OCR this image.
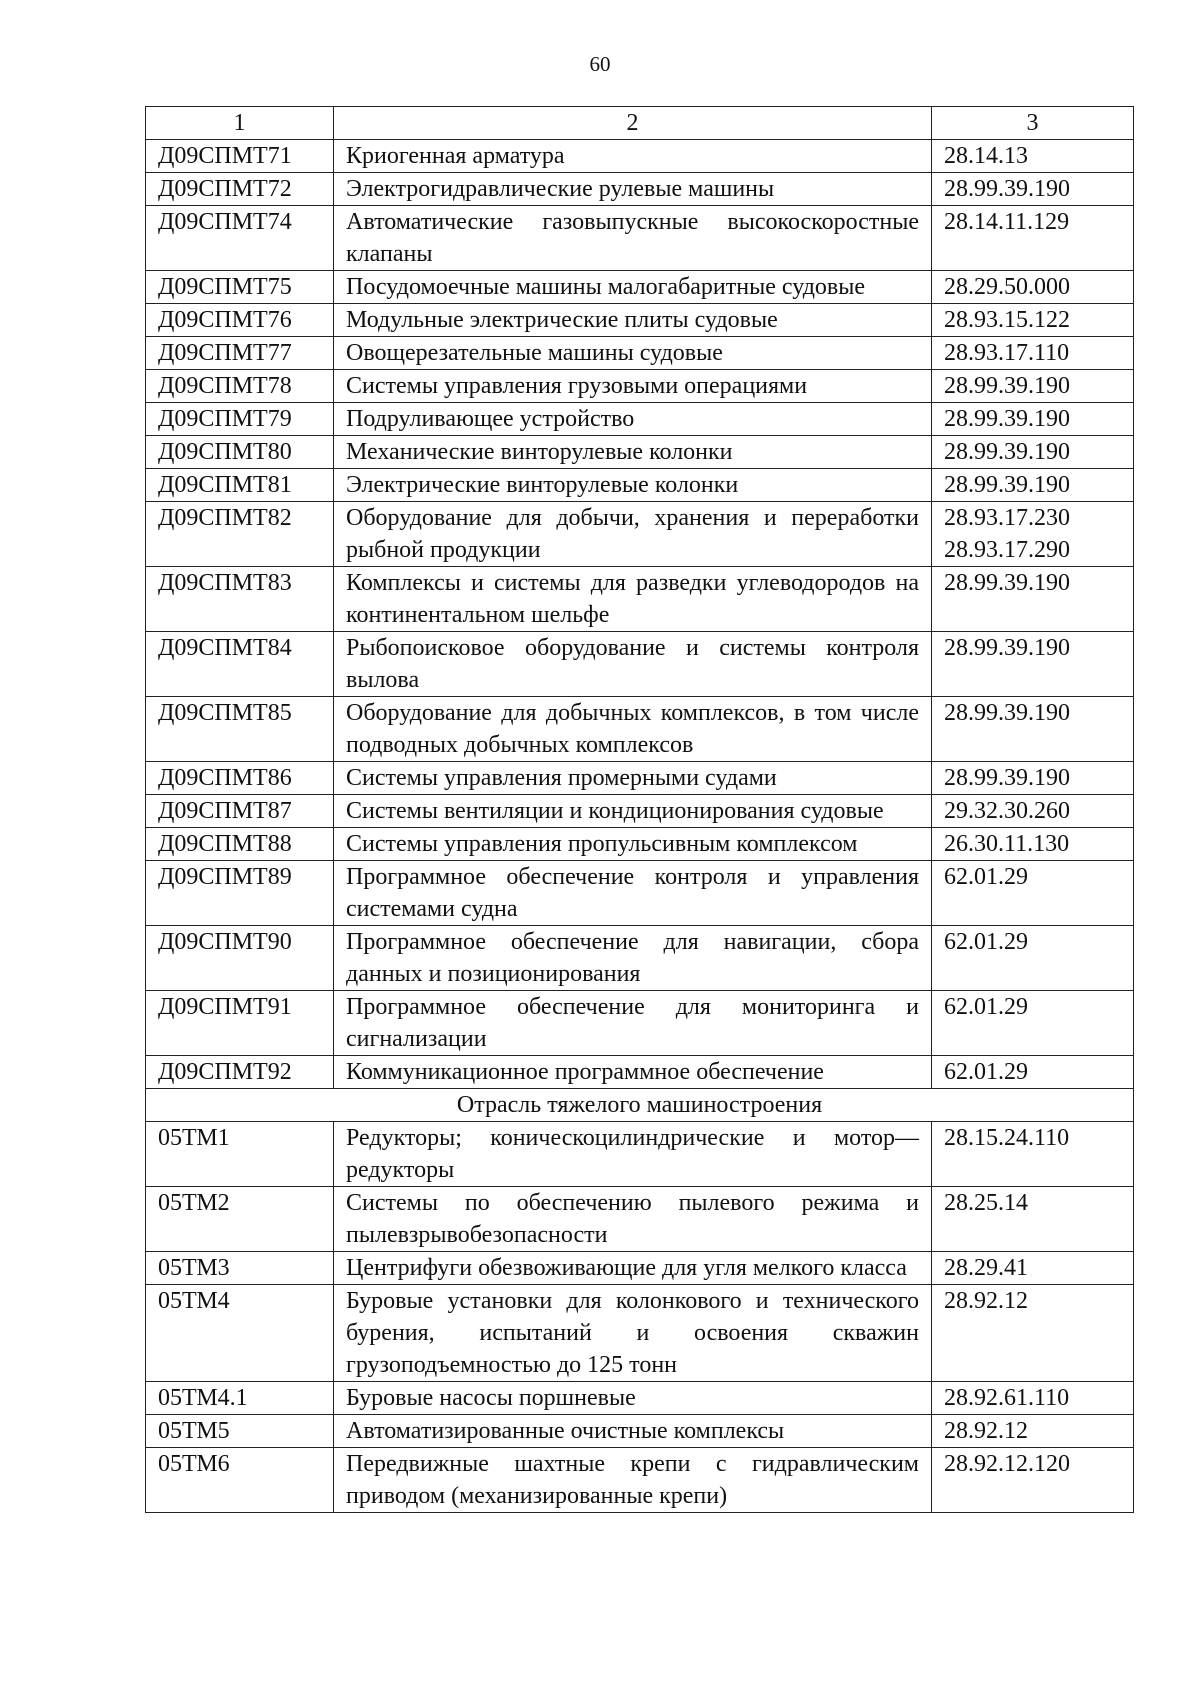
60
1	2	3
Д09СПМТ71	Криогенная арматура	28.14.13

Д09СПМТ72	Электрогидравлические рулевые машины	28.99.39.190

Д09СПМТ74	Автоматические газовыпускные высокоскоростные клапаны	28.14.11.129

Д09СПМТ75	Посудомоечные машины малогабаритные судовые	28.29.50.000

Д09СПМТ76	Модульные электрические плиты судовые	28.93.15.122

Д09СПМТ77	Овощерезательные машины судовые	28.93.17.110

Д09СПМТ78	Системы управления грузовыми операциями	28.99.39.190

Д09СПМТ79	Подруливающее устройство	28.99.39.190

Д09СПМТ80	Механические винторулевые колонки	28.99.39.190

Д09СПМТ81	Электрические винторулевые колонки	28.99.39.190

Д09СПМТ82	Оборудование для добычи, хранения и переработки рыбной продукции	28.93.17.230
28.93.17.290

Д09СПМТ83	Комплексы и системы для разведки углеводородов на континентальном шельфе	28.99.39.190

Д09СПМТ84	Рыбопоисковое оборудование и системы контроля вылова	28.99.39.190

Д09СПМТ85	Оборудование для добычных комплексов, в том числе подводных добычных комплексов	28.99.39.190

Д09СПМТ86	Системы управления промерными судами	28.99.39.190

Д09СПМТ87	Системы вентиляции и кондиционирования судовые	29.32.30.260

Д09СПМТ88	Системы управления пропульсивным комплексом	26.30.11.130

Д09СПМТ89	Программное обеспечение контроля и управления системами судна	62.01.29

Д09СПМТ90	Программное обеспечение для навигации, сбора данных и позиционирования	62.01.29

Д09СПМТ91	Программное обеспечение для мониторинга и сигнализации	62.01.29

Д09СПМТ92	Коммуникационное программное обеспечение	62.01.29

Отрасль тяжелого машиностроения		
05ТМ1	Редукторы; коническоцилиндрические и мотор—редукторы	28.15.24.110

05ТМ2	Системы по обеспечению пылевого режима и пылевзрывобезопасности	28.25.14

05ТМ3	Центрифуги обезвоживающие для угля мелкого класса	28.29.41

05ТМ4	Буровые установки для колонкового и технического бурения, испытаний и освоения скважин грузоподъемностью до 125 тонн	28.92.12

05ТМ4.1	Буровые насосы поршневые	28.92.61.110

05ТМ5	Автоматизированные очистные комплексы	28.92.12

05ТМ6	Передвижные шахтные крепи с гидравлическим приводом (механизированные крепи)	28.92.12.120
